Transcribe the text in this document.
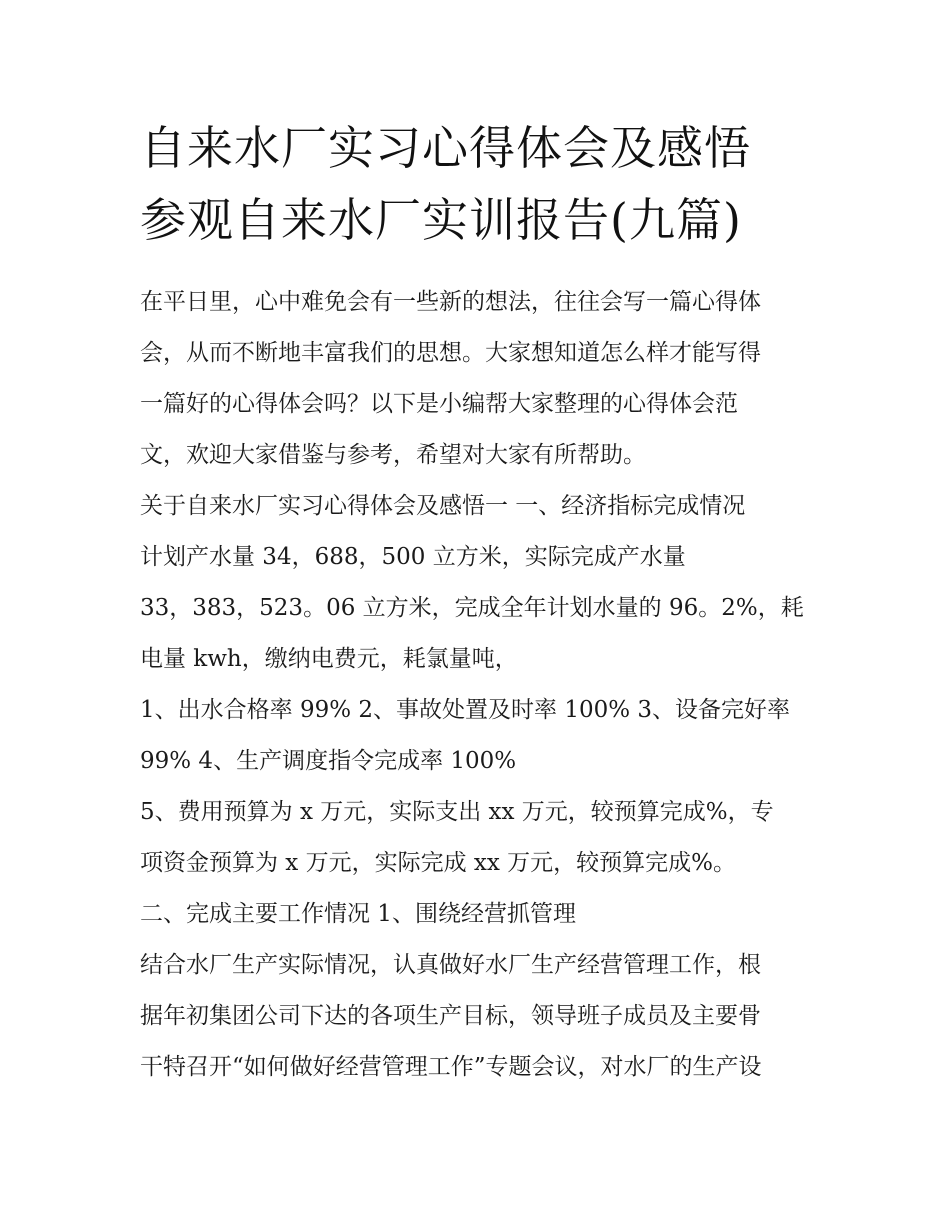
自来水厂实习心得体会及感悟
参观自来水厂实训报告(九篇)
在平日里，心中难免会有一些新的想法，往往会写一篇心得体
会，从而不断地丰富我们的思想。大家想知道怎么样才能写得
一篇好的心得体会吗？以下是小编帮大家整理的心得体会范
文，欢迎大家借鉴与参考，希望对大家有所帮助。
关于自来水厂实习心得体会及感悟一 一、经济指标完成情况
计划产水量 34，688，500 立方米，实际完成产水量
33，383，523。06 立方米，完成全年计划水量的 96。2%，耗
电量 kwh，缴纳电费元，耗氯量吨，
1、出水合格率 99% 2、事故处置及时率 100% 3、设备完好率
99% 4、生产调度指令完成率 100%
5、费用预算为 x 万元，实际支出 xx 万元，较预算完成%，专
项资金预算为 x 万元，实际完成 xx 万元，较预算完成%。
二、完成主要工作情况 1、围绕经营抓管理
结合水厂生产实际情况，认真做好水厂生产经营管理工作，根
据年初集团公司下达的各项生产目标，领导班子成员及主要骨
干特召开“如何做好经营管理工作”专题会议，对水厂的生产设
